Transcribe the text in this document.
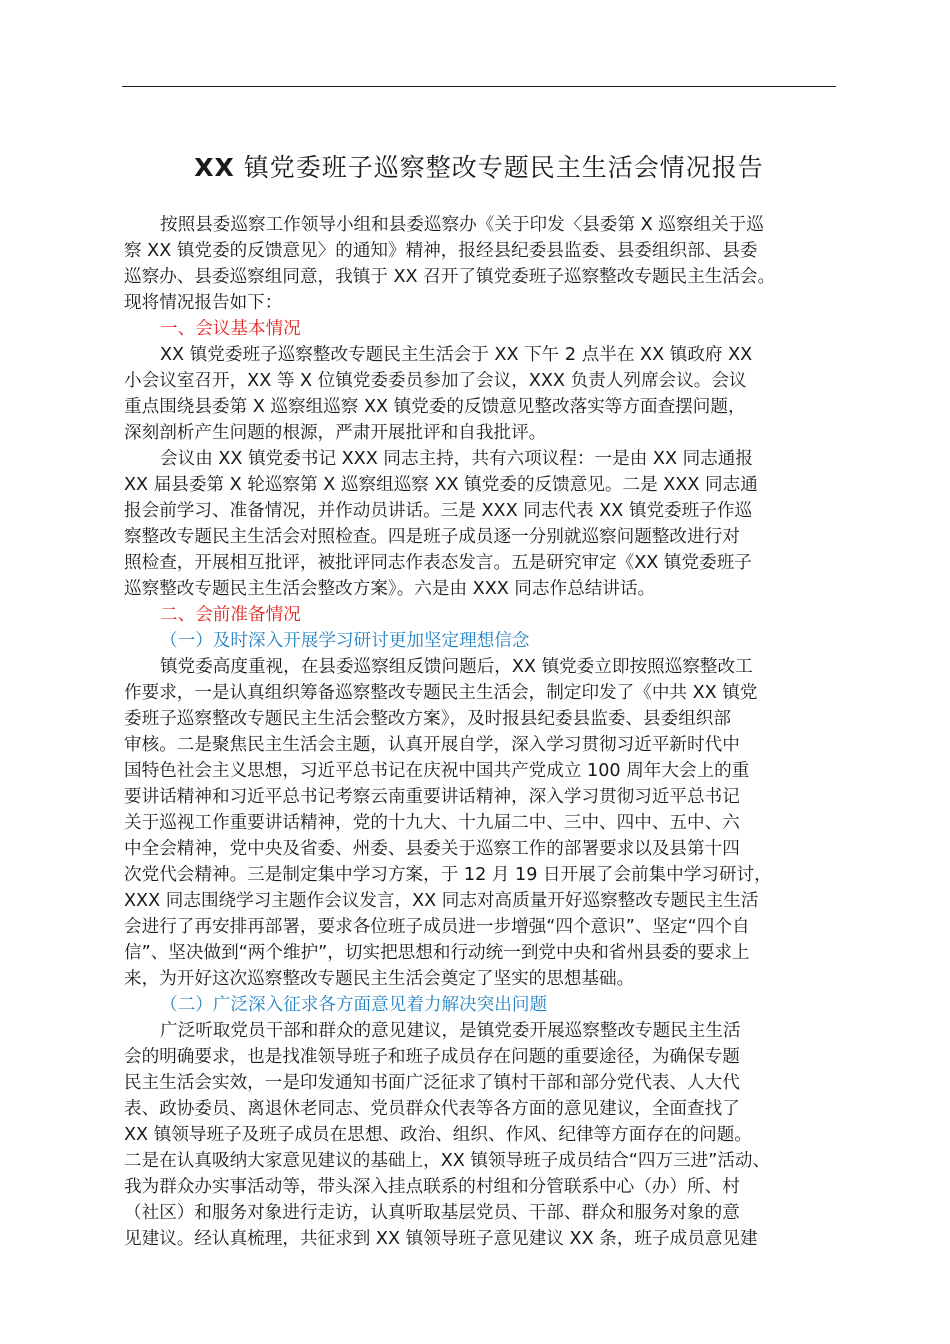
XX 镇党委班子巡察整改专题民主生活会情况报告
按照县委巡察工作领导小组和县委巡察办《关于印发〈县委第 X 巡察组关于巡
察 XX 镇党委的反馈意见〉的通知》精神，报经县纪委县监委、县委组织部、县委
巡察办、县委巡察组同意，我镇于 XX 召开了镇党委班子巡察整改专题民主生活会。
现将情况报告如下：
一、会议基本情况
XX 镇党委班子巡察整改专题民主生活会于 XX 下午 2 点半在 XX 镇政府 XX
小会议室召开，XX 等 X 位镇党委委员参加了会议，XXX 负责人列席会议。会议
重点围绕县委第 X 巡察组巡察 XX 镇党委的反馈意见整改落实等方面查摆问题，
深刻剖析产生问题的根源，严肃开展批评和自我批评。
会议由 XX 镇党委书记 XXX 同志主持，共有六项议程：一是由 XX 同志通报
XX 届县委第 X 轮巡察第 X 巡察组巡察 XX 镇党委的反馈意见。二是 XXX 同志通
报会前学习、准备情况，并作动员讲话。三是 XXX 同志代表 XX 镇党委班子作巡
察整改专题民主生活会对照检查。四是班子成员逐一分别就巡察问题整改进行对
照检查，开展相互批评，被批评同志作表态发言。五是研究审定《XX 镇党委班子
巡察整改专题民主生活会整改方案》。六是由 XXX 同志作总结讲话。
二、会前准备情况
（一）及时深入开展学习研讨更加坚定理想信念
镇党委高度重视，在县委巡察组反馈问题后，XX 镇党委立即按照巡察整改工
作要求，一是认真组织筹备巡察整改专题民主生活会，制定印发了《中共 XX 镇党
委班子巡察整改专题民主生活会整改方案》，及时报县纪委县监委、县委组织部
审核。二是聚焦民主生活会主题，认真开展自学，深入学习贯彻习近平新时代中
国特色社会主义思想，习近平总书记在庆祝中国共产党成立 100 周年大会上的重
要讲话精神和习近平总书记考察云南重要讲话精神，深入学习贯彻习近平总书记
关于巡视工作重要讲话精神，党的十九大、十九届二中、三中、四中、五中、六
中全会精神，党中央及省委、州委、县委关于巡察工作的部署要求以及县第十四
次党代会精神。三是制定集中学习方案，于 12 月 19 日开展了会前集中学习研讨，
XXX 同志围绕学习主题作会议发言，XX 同志对高质量开好巡察整改专题民主生活
会进行了再安排再部署，要求各位班子成员进一步增强“四个意识”、坚定“四个自
信”、坚决做到“两个维护”，切实把思想和行动统一到党中央和省州县委的要求上
来，为开好这次巡察整改专题民主生活会奠定了坚实的思想基础。
（二）广泛深入征求各方面意见着力解决突出问题
广泛听取党员干部和群众的意见建议，是镇党委开展巡察整改专题民主生活
会的明确要求，也是找准领导班子和班子成员存在问题的重要途径，为确保专题
民主生活会实效，一是印发通知书面广泛征求了镇村干部和部分党代表、人大代
表、政协委员、离退休老同志、党员群众代表等各方面的意见建议，全面查找了
XX 镇领导班子及班子成员在思想、政治、组织、作风、纪律等方面存在的问题。
二是在认真吸纳大家意见建议的基础上，XX 镇领导班子成员结合“四万三进”活动、
我为群众办实事活动等，带头深入挂点联系的村组和分管联系中心（办）所、村
（社区）和服务对象进行走访，认真听取基层党员、干部、群众和服务对象的意
见建议。经认真梳理，共征求到 XX 镇领导班子意见建议 XX 条，班子成员意见建
